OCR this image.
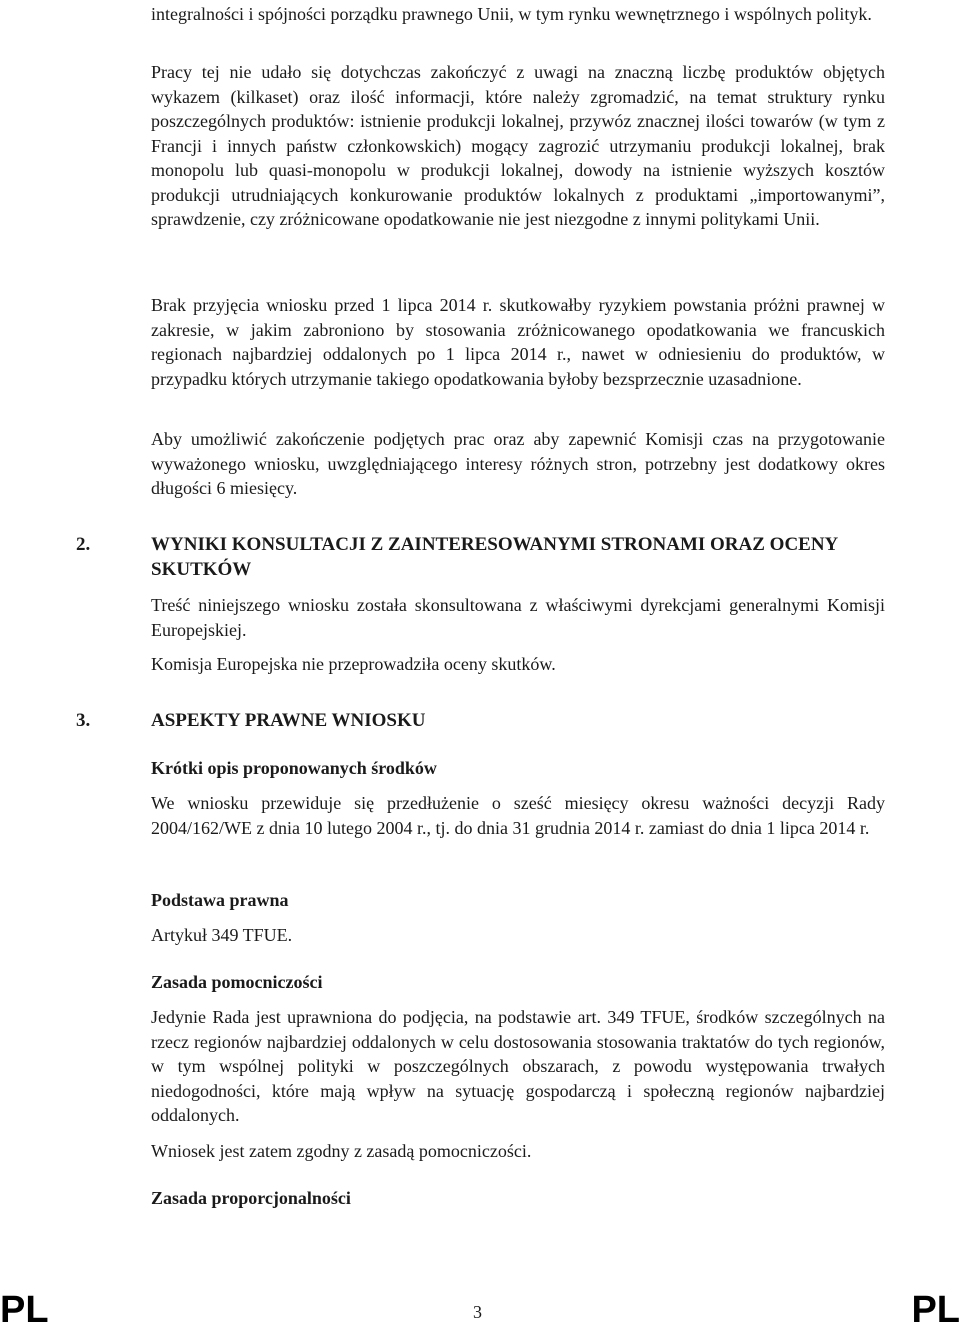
integralności i spójności porządku prawnego Unii, w tym rynku wewnętrznego i wspólnych polityk.

Pracy tej nie udało się dotychczas zakończyć z uwagi na znaczną liczbę produktów objętych wykazem (kilkaset) oraz ilość informacji, które należy zgromadzić, na temat struktury rynku poszczególnych produktów: istnienie produkcji lokalnej, przywóz znacznej ilości towarów (w tym z Francji i innych państw członkowskich) mogący zagrozić utrzymaniu produkcji lokalnej, brak monopolu lub quasi-monopolu w produkcji lokalnej, dowody na istnienie wyższych kosztów produkcji utrudniających konkurowanie produktów lokalnych z produktami „importowanymi”, sprawdzenie, czy zróżnicowane opodatkowanie nie jest niezgodne z innymi politykami Unii.

Brak przyjęcia wniosku przed 1 lipca 2014 r. skutkowałby ryzykiem powstania próżni prawnej w zakresie, w jakim zabroniono by stosowania zróżnicowanego opodatkowania we francuskich regionach najbardziej oddalonych po 1 lipca 2014 r., nawet w odniesieniu do produktów, w przypadku których utrzymanie takiego opodatkowania byłoby bezsprzecznie uzasadnione.

Aby umożliwić zakończenie podjętych prac oraz aby zapewnić Komisji czas na przygotowanie wyważonego wniosku, uwzględniającego interesy różnych stron, potrzebny jest dodatkowy okres długości 6 miesięcy.

2.	WYNIKI KONSULTACJI Z ZAINTERESOWANYMI STRONAMI ORAZ OCENY SKUTKÓW

Treść niniejszego wniosku została skonsultowana z właściwymi dyrekcjami generalnymi Komisji Europejskiej.

Komisja Europejska nie przeprowadziła oceny skutków.

3.	ASPEKTY PRAWNE WNIOSKU
Krótki opis proponowanych środków

We wniosku przewiduje się przedłużenie o sześć miesięcy okresu ważności decyzji Rady 2004/162/WE z dnia 10 lutego 2004 r., tj. do dnia 31 grudnia 2014 r. zamiast do dnia 1 lipca 2014 r.

Podstawa prawna

Artykuł 349 TFUE.

Zasada pomocniczości

Jedynie Rada jest uprawniona do podjęcia, na podstawie art. 349 TFUE, środków szczególnych na rzecz regionów najbardziej oddalonych w celu dostosowania stosowania traktatów do tych regionów, w tym wspólnej polityki w poszczególnych obszarach, z powodu występowania trwałych niedogodności, które mają wpływ na sytuację gospodarczą i społeczną regionów najbardziej oddalonych.

Wniosek jest zatem zgodny z zasadą pomocniczości.

Zasada proporcjonalności
PL	3	PL
